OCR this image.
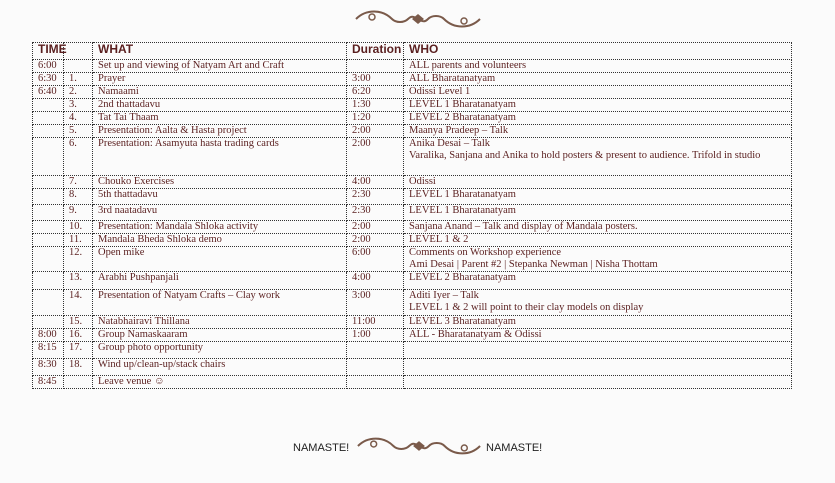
TIME		WHAT	Duration	WHO
6:00		Set up and viewing of Natyam Art and Craft		ALL parents and volunteers

6:30	1.	Prayer	3:00	ALL Bharatanatyam

6:40	2.	Namaami	6:20	Odissi Level 1

	3.	2nd thattadavu	1:30	LEVEL 1 Bharatanatyam

	4.	Tat Tai Thaam	1:20	LEVEL 2 Bharatanatyam

	5.	Presentation: Aalta & Hasta project	2:00	Maanya Pradeep – Talk

	6.	Presentation: Asamyuta hasta trading cards	2:00	Anika Desai – Talk
Varalika, Sanjana and Anika to hold posters & present to audience. Trifold in studio

	7.	Chouko Exercises	4:00	Odissi

	8.	5th thattadavu	2:30	LEVEL 1 Bharatanatyam

	9.	3rd naatadavu	2:30	LEVEL 1 Bharatanatyam

	10.	Presentation: Mandala Shloka activity	2:00	Sanjana Anand – Talk and display of Mandala posters.

	11.	Mandala Bheda Shloka demo	2:00	LEVEL 1 & 2

	12.	Open mike	6:00	Comments on Workshop experience
Ami Desai | Parent #2 | Stepanka Newman | Nisha Thottam

	13.	Arabhi Pushpanjali	4:00	LEVEL 2 Bharatanatyam

	14.	Presentation of Natyam Crafts – Clay work	3:00	Aditi Iyer – Talk
LEVEL 1 & 2 will point to their clay models on display

	15.	Natabhairavi Thillana	11:00	LEVEL 3 Bharatanatyam

8:00	16.	Group Namaskaaram	1:00	ALL - Bharatanatyam & Odissi

8:15	17.	Group photo opportunity		

8:30	18.	Wind up/clean-up/stack chairs		

8:45		Leave venue ☺		
NAMASTE!	NAMASTE!
